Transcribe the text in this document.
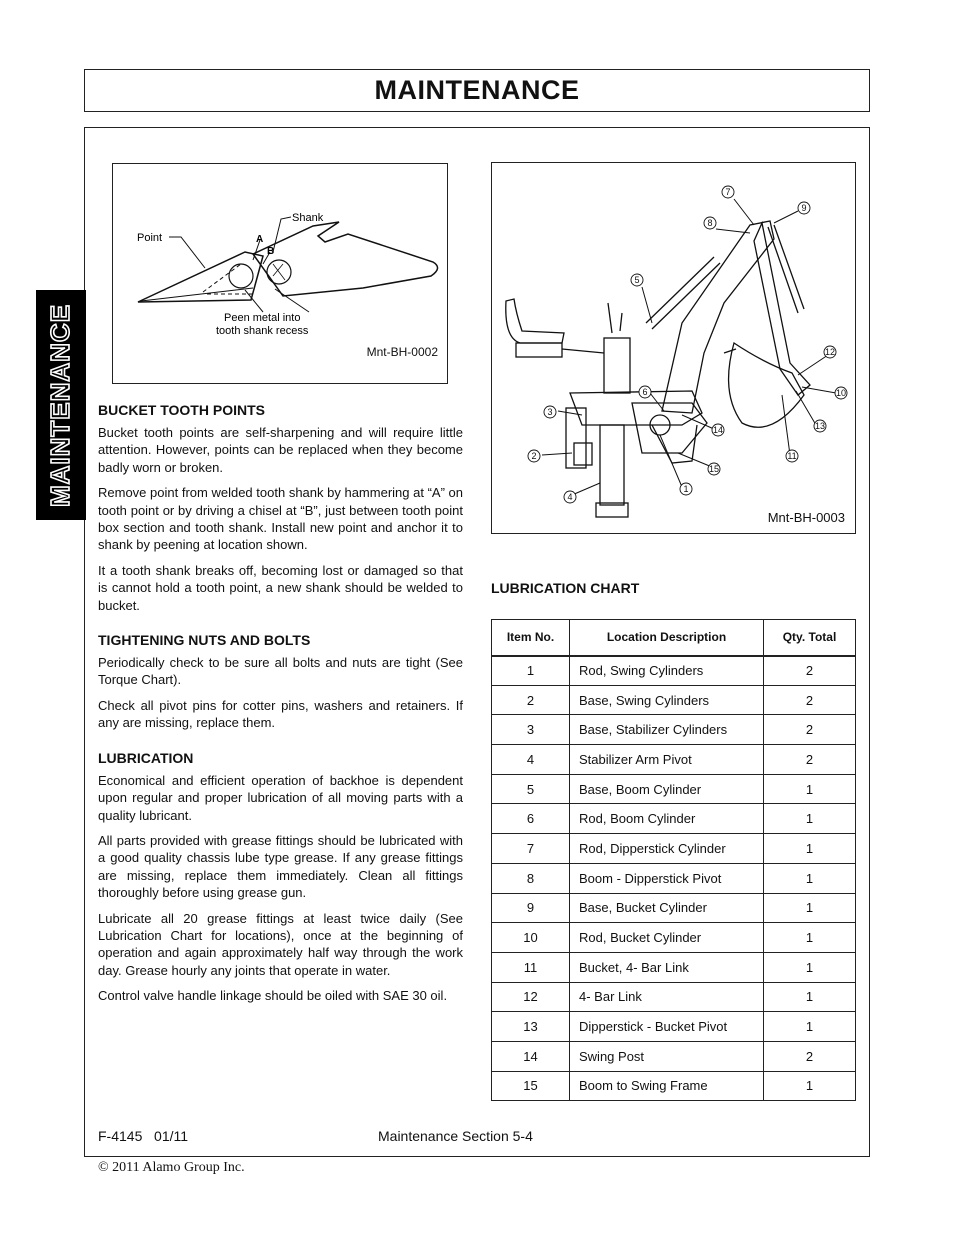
MAINTENANCE
MAINTENANCE
Point
Shank
A
B
Peen metal into
tooth shank recess
Mnt-BH-0002
1
2
3
4
5
6
7
8
9
10
11
12
13
14
15
Mnt-BH-0003
BUCKET TOOTH POINTS

Bucket tooth points are self-sharpening and will require little attention. However, points can be replaced when they become badly worn or broken.

Remove point from welded tooth shank by hammering at “A” on tooth point or by driving a chisel at “B”, just between tooth point box section and tooth shank. Install new point and anchor it to shank by peening at location shown.

It a tooth shank breaks off, becoming lost or damaged so that is cannot hold a tooth point, a new shank should be welded to bucket.

TIGHTENING NUTS AND BOLTS

Periodically check to be sure all bolts and nuts are tight (See Torque Chart).

Check all pivot pins for cotter pins, washers and retainers. If any are missing, replace them.

LUBRICATION

Economical and efficient operation of backhoe is dependent upon regular and proper lubrication of all moving parts with a quality lubricant.

All parts provided with grease fittings should be lubricated with a good quality chassis lube type grease. If any grease fittings are missing, replace them immediately. Clean all fittings thoroughly before using grease gun.

Lubricate all 20 grease fittings at least twice daily (See Lubrication Chart for locations), once at the beginning of operation and again approximately half way through the work day. Grease hourly any joints that operate in water.

Control valve handle linkage should be oiled with SAE 30 oil.

LUBRICATION CHART
Item No.	Location Description	Qty. Total
1	Rod, Swing Cylinders	2
2	Base, Swing Cylinders	2
3	Base, Stabilizer Cylinders	2
4	Stabilizer Arm Pivot	2
5	Base, Boom Cylinder	1
6	Rod, Boom Cylinder	1
7	Rod, Dipperstick Cylinder	1
8	Boom - Dipperstick Pivot	1
9	Base, Bucket Cylinder	1
10	Rod, Bucket Cylinder	1
11	Bucket, 4- Bar Link	1
12	4- Bar Link	1
13	Dipperstick - Bucket Pivot	1
14	Swing Post	2
15	Boom to Swing Frame	1
F-4145   01/11	Maintenance Section 5-4
© 2011 Alamo Group Inc.
